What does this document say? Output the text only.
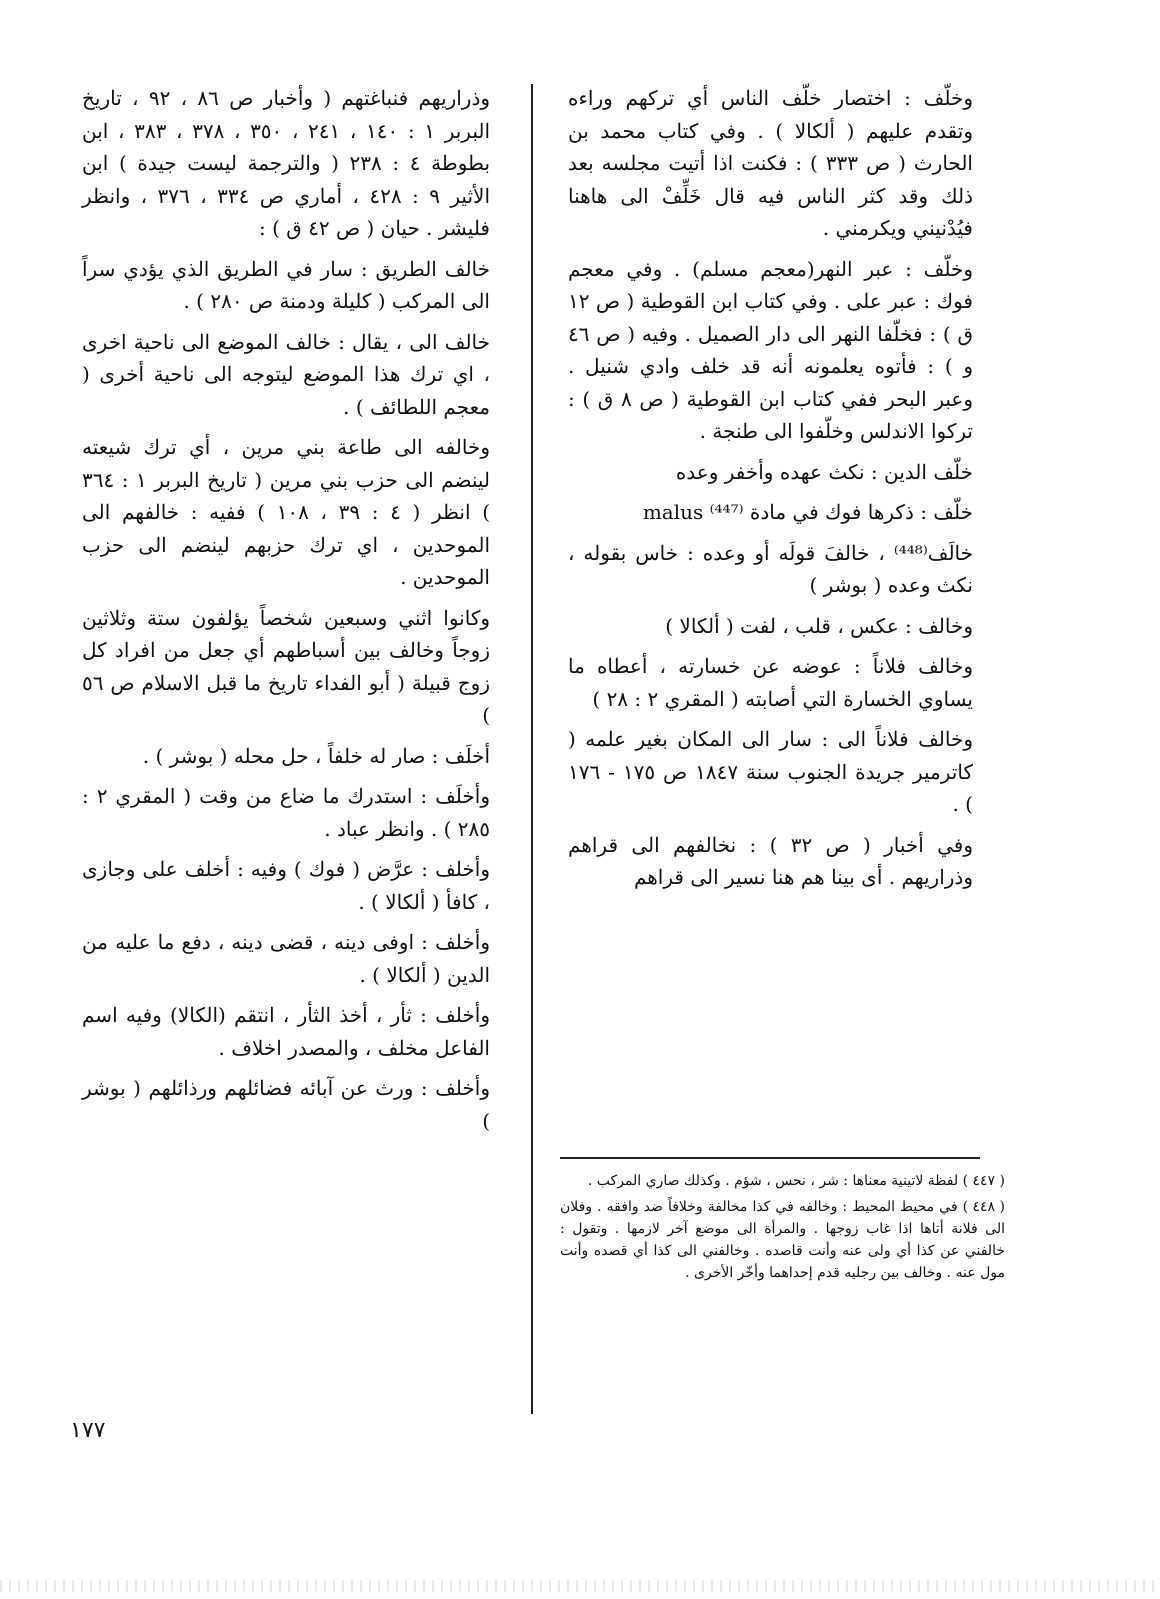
وخلّف : اختصار خلّف الناس أي تركهم وراءه وتقدم عليهم ( ألكالا ) . وفي كتاب محمد بن الحارث ( ص ٣٣٣ ) : فكنت اذا أتيت مجلسه بعد ذلك وقد كثر الناس فيه قال خَلِّفْ الى هاهنا فيُدْنيني ويكرمني .

وخلّف : عبر النهر(معجم مسلم) . وفي معجم فوك : عبر على . وفي كتاب ابن القوطية ( ص ١٢ ق ) : فخلّفا النهر الى دار الصميل . وفيه ( ص ٤٦ و ) : فأتوه يعلمونه أنه قد خلف وادي شنيل . وعبر البحر ففي كتاب ابن القوطية ( ص ٨ ق ) : تركوا الاندلس وخلّفوا الى طنجة .

خلّف الدين : نكث عهده وأخفر وعده

خلّف : ذكرها فوك في مادة malus ⁽⁴⁴⁷⁾

خالَف⁽⁴⁴⁸⁾ ، خالفَ قولَه أو وعده : خاس بقوله ، نكث وعده ( بوشر )

وخالف : عكس ، قلب ، لفت ( ألكالا )

وخالف فلاناً : عوضه عن خسارته ، أعطاه ما يساوي الخسارة التي أصابته ( المقري ٢ : ٢٨ )

وخالف فلاناً الى : سار الى المكان بغير علمه ( كاترمير جريدة الجنوب سنة ١٨٤٧ ص ١٧٥ - ١٧٦ ) .

وفي أخبار ( ص ٣٢ ) : نخالفهم الى قراهم وذراريهم . أى بينا هم هنا نسير الى قراهم

وذراريهم فنباغتهم ( وأخبار ص ٨٦ ، ٩٢ ، تاريخ البربر ١ : ١٤٠ ، ٢٤١ ، ٣٥٠ ، ٣٧٨ ، ٣٨٣ ، ابن بطوطة ٤ : ٢٣٨ ( والترجمة ليست جيدة ) ابن الأثير ٩ : ٤٢٨ ، أماري ص ٣٣٤ ، ٣٧٦ ، وانظر فليشر . حيان ( ص ٤٢ ق ) :

خالف الطريق : سار في الطريق الذي يؤدي سراً الى المركب ( كليلة ودمنة ص ٢٨٠ ) .

خالف الى ، يقال : خالف الموضع الى ناحية اخرى ، اي ترك هذا الموضع ليتوجه الى ناحية أخرى ( معجم اللطائف ) .

وخالفه الى طاعة بني مرين ، أي ترك شيعته لينضم الى حزب بني مرين ( تاريخ البربر ١ : ٣٦٤ ) انظر ( ٤ : ٣٩ ، ١٠٨ ) ففيه : خالفهم الى الموحدين ، اي ترك حزبهم لينضم الى حزب الموحدين .

وكانوا اثني وسبعين شخصاً يؤلفون ستة وثلاثين زوجاً وخالف بين أسباطهم أي جعل من افراد كل زوج قبيلة ( أبو الفداء تاريخ ما قبل الاسلام ص ٥٦ )

أخلَف : صار له خلفاً ، حل محله ( بوشر ) .

وأخلَف : استدرك ما ضاع من وقت ( المقري ٢ : ٢٨٥ ) . وانظر عباد .

وأخلف : عرَّض ( فوك ) وفيه : أخلف على وجازى ، كافأ ( ألكالا ) .

وأخلف : اوفى دينه ، قضى دينه ، دفع ما عليه من الدين ( ألكالا ) .

وأخلف : ثأر ، أخذ الثأر ، انتقم (الكالا) وفيه اسم الفاعل مخلف ، والمصدر اخلاف .

وأخلف : ورث عن آبائه فضائلهم ورذائلهم ( بوشر )

( ٤٤٧ ) لفظة لاتينية معناها : شر ، نحس ، شؤم . وكذلك صاري المركب .

( ٤٤٨ ) في محيط المحيط : وخالفه في كذا مخالفة وخلافاً ضد وافقه . وفلان الى فلانة أتاها اذا غاب زوجها . والمرأة الى موضع آخر لازمها . وتقول : خالفني عن كذا أي ولى عنه وأنت قاصده . وخالفني الى كذا أي قصده وأنت مول عنه . وخالف بين رجليه قدم إحداهما وأخّر الأخرى .

١٧٧
